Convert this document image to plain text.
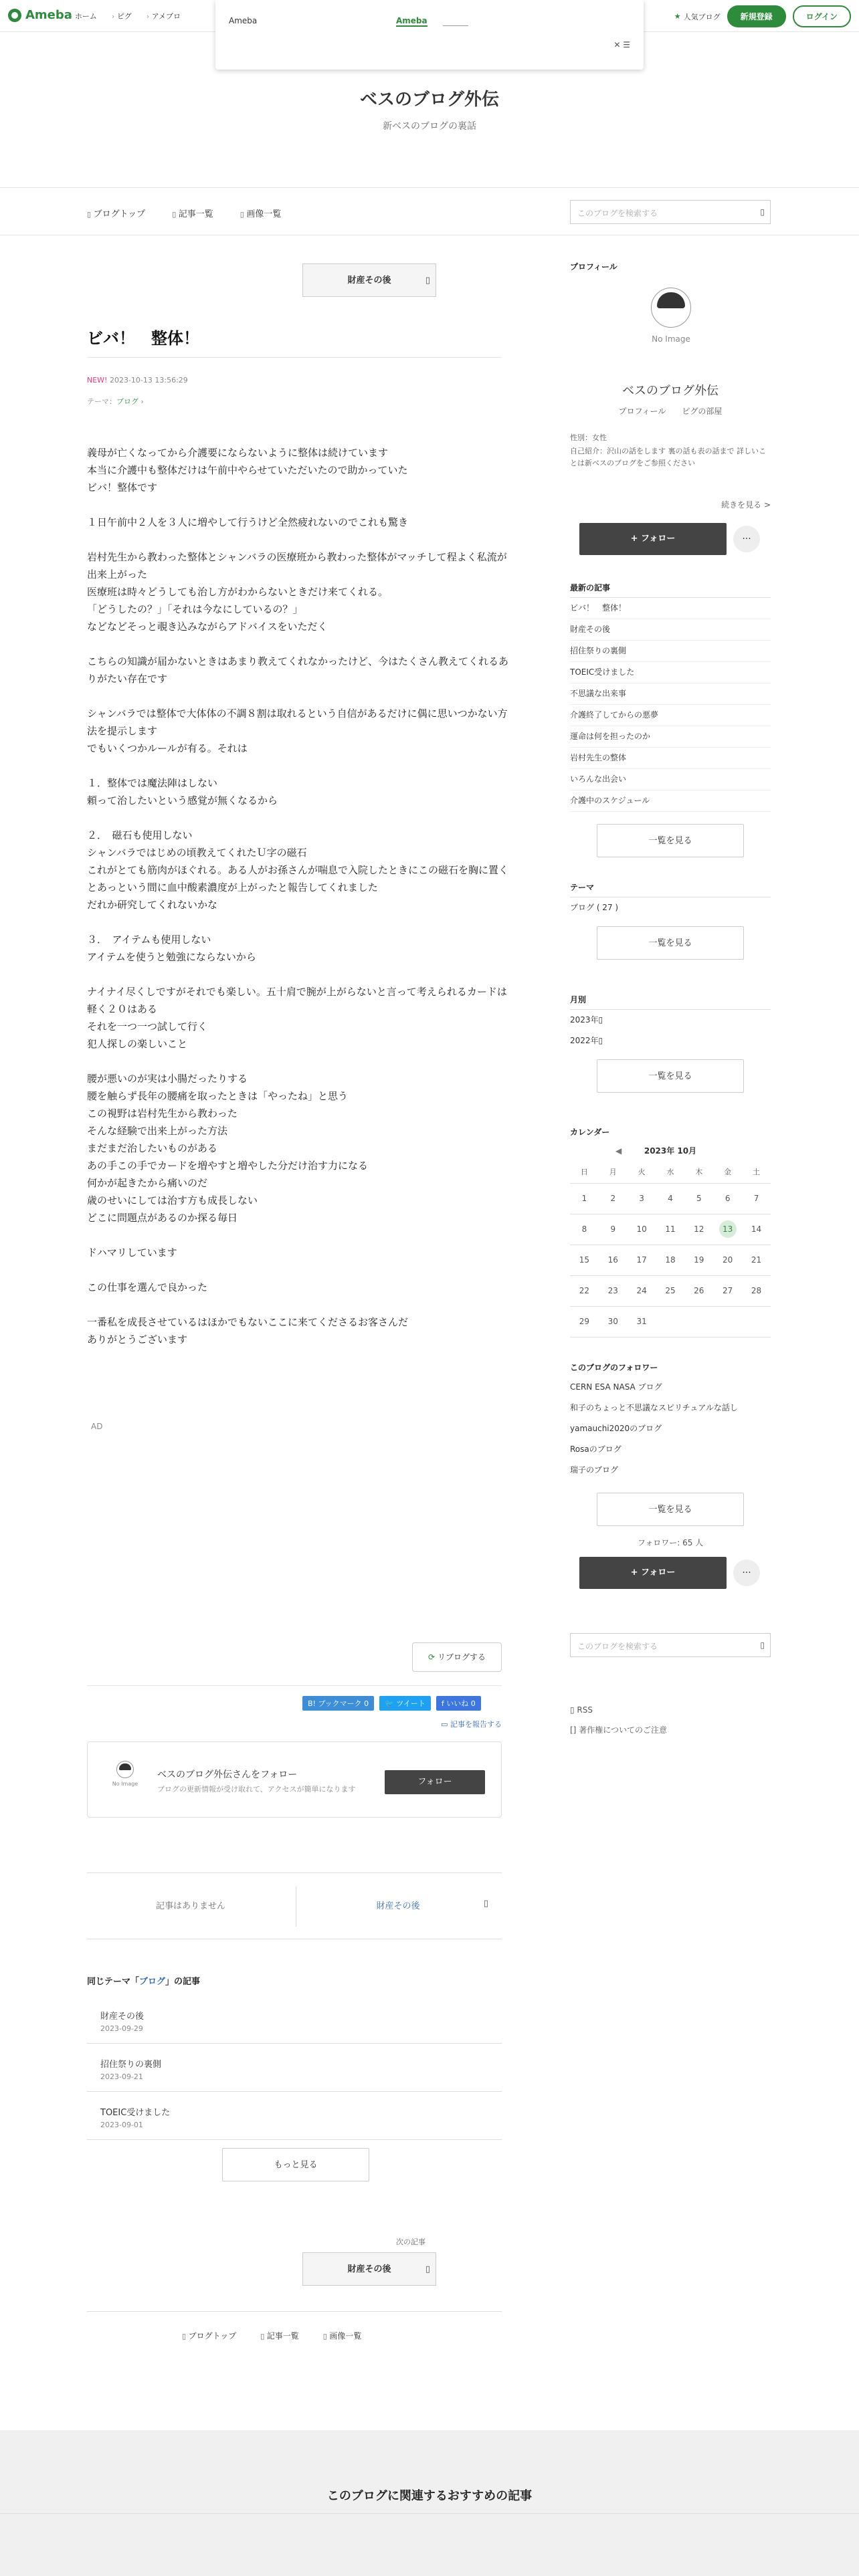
Ameba › ホーム	› ピグ	› アメブロ	★ 人気ブログ	新規登録	ログイン
Ameba	Ameba
✕ ☰
ベスのブログ外伝
新ベスのブログの裏話
▯ ブログトップ	▯ 記事一覧	▯ 画像一覧	このブログを検索する	▯
財産その後	▯
ビバ！　整体！
NEW! 2023-10-13 13:56:29
テーマ：ブログ ›

義母が亡くなってから介護要にならないように整体は続けています

本当に介護中も整体だけは午前中やらせていただいたので助かっていた

ビバ！整体です

１日午前中２人を３人に増やして行うけど全然疲れないのでこれも驚き

岩村先生から教わった整体とシャンバラの医療班から教わった整体がマッチして程よく私流が出来上がった

医療班は時々どうしても治し方がわからないときだけ来てくれる。

「どうしたの？」「それは今なにしているの？」

などなどそっと覗き込みながらアドバイスをいただく

こちらの知識が届かないときはあまり教えてくれなかったけど、今はたくさん教えてくれるありがたい存在です

シャンバラでは整体で大体体の不調８割は取れるという自信があるだけに偶に思いつかない方法を提示します

でもいくつかルールが有る。それは

１．整体では魔法陣はしない

頼って治したいという感覚が無くなるから

２．　磁石も使用しない

シャンバラではじめの頃教えてくれたＵ字の磁石

これがとても筋肉がほぐれる。ある人がお孫さんが喘息で入院したときにこの磁石を胸に置くとあっという間に血中酸素濃度が上がったと報告してくれました

だれか研究してくれないかな

３．　アイテムも使用しない

アイテムを使うと勉強にならないから

ナイナイ尽くしですがそれでも楽しい。五十肩で腕が上がらないと言って考えられるカードは軽く２０はある

それを一つ一つ試して行く

犯人探しの楽しいこと

腰が悪いのが実は小腸だったりする

腰を触らず長年の腰痛を取ったときは「やったね」と思う

この視野は岩村先生から教わった

そんな経験で出来上がった方法

まだまだ治したいものがある

あの手この手でカードを増やすと増やした分だけ治す力になる

何かが起きたから痛いのだ

歳のせいにしては治す方も成長しない

どこに問題点があるのか探る毎日

ドハマリしています

この仕事を選んで良かった

一番私を成長させているはほかでもないここに来てくださるお客さんだ

ありがとうございます

AD
⟳ リブログする
B! ブックマーク 0	🐦 ツイート	f いいね 0
▭ 記事を報告する
No Image
ベスのブログ外伝さんをフォロー
ブログの更新情報が受け取れて、アクセスが簡単になります
フォロー
記事はありません	財産その後	▯
同じテーマ「ブログ」の記事
財産その後
2023-09-29
招住祭りの裏側
2023-09-21
TOEIC受けました
2023-09-01
もっと見る
次の記事
財産その後	▯
▯ ブログトップ	▯ 記事一覧	▯ 画像一覧
このブログに関連するおすすめの記事
プロフィール
No Image
ベスのブログ外伝
プロフィール　　ピグの部屋
性別：女性
自己紹介：沢山の話をします 裏の話も表の話まで 詳しいことは新ベスのブログをご参照ください
続きを見る >
+ フォロー	···
最新の記事
ビバ！　整体！
財産その後
招住祭りの裏側
TOEIC受けました
不思議な出来事
介護終了してからの悪夢
運命は何を担ったのか
岩村先生の整体
いろんな出会い
介護中のスケジュール
一覧を見る
テーマ
ブログ ( 27 )
一覧を見る
月別
2023年▯
2022年▯
一覧を見る
カレンダー
◀	2023年 10月
日	月	火	水	木	金	土
1	2	3	4	5	6	7
8	9	10	11	12	13	14
15	16	17	18	19	20	21
22	23	24	25	26	27	28
29	30	31				
このブログのフォロワー
CERN ESA NASA ブログ
和子のちょっと不思議なスピリチュアルな話し
yamauchi2020のブログ
Rosaのブログ
瑞子のブログ
一覧を見る
フォロワー: 65 人
+ フォロー	···
このブログを検索する	▯
▯ RSS
[] 著作権についてのご注意
